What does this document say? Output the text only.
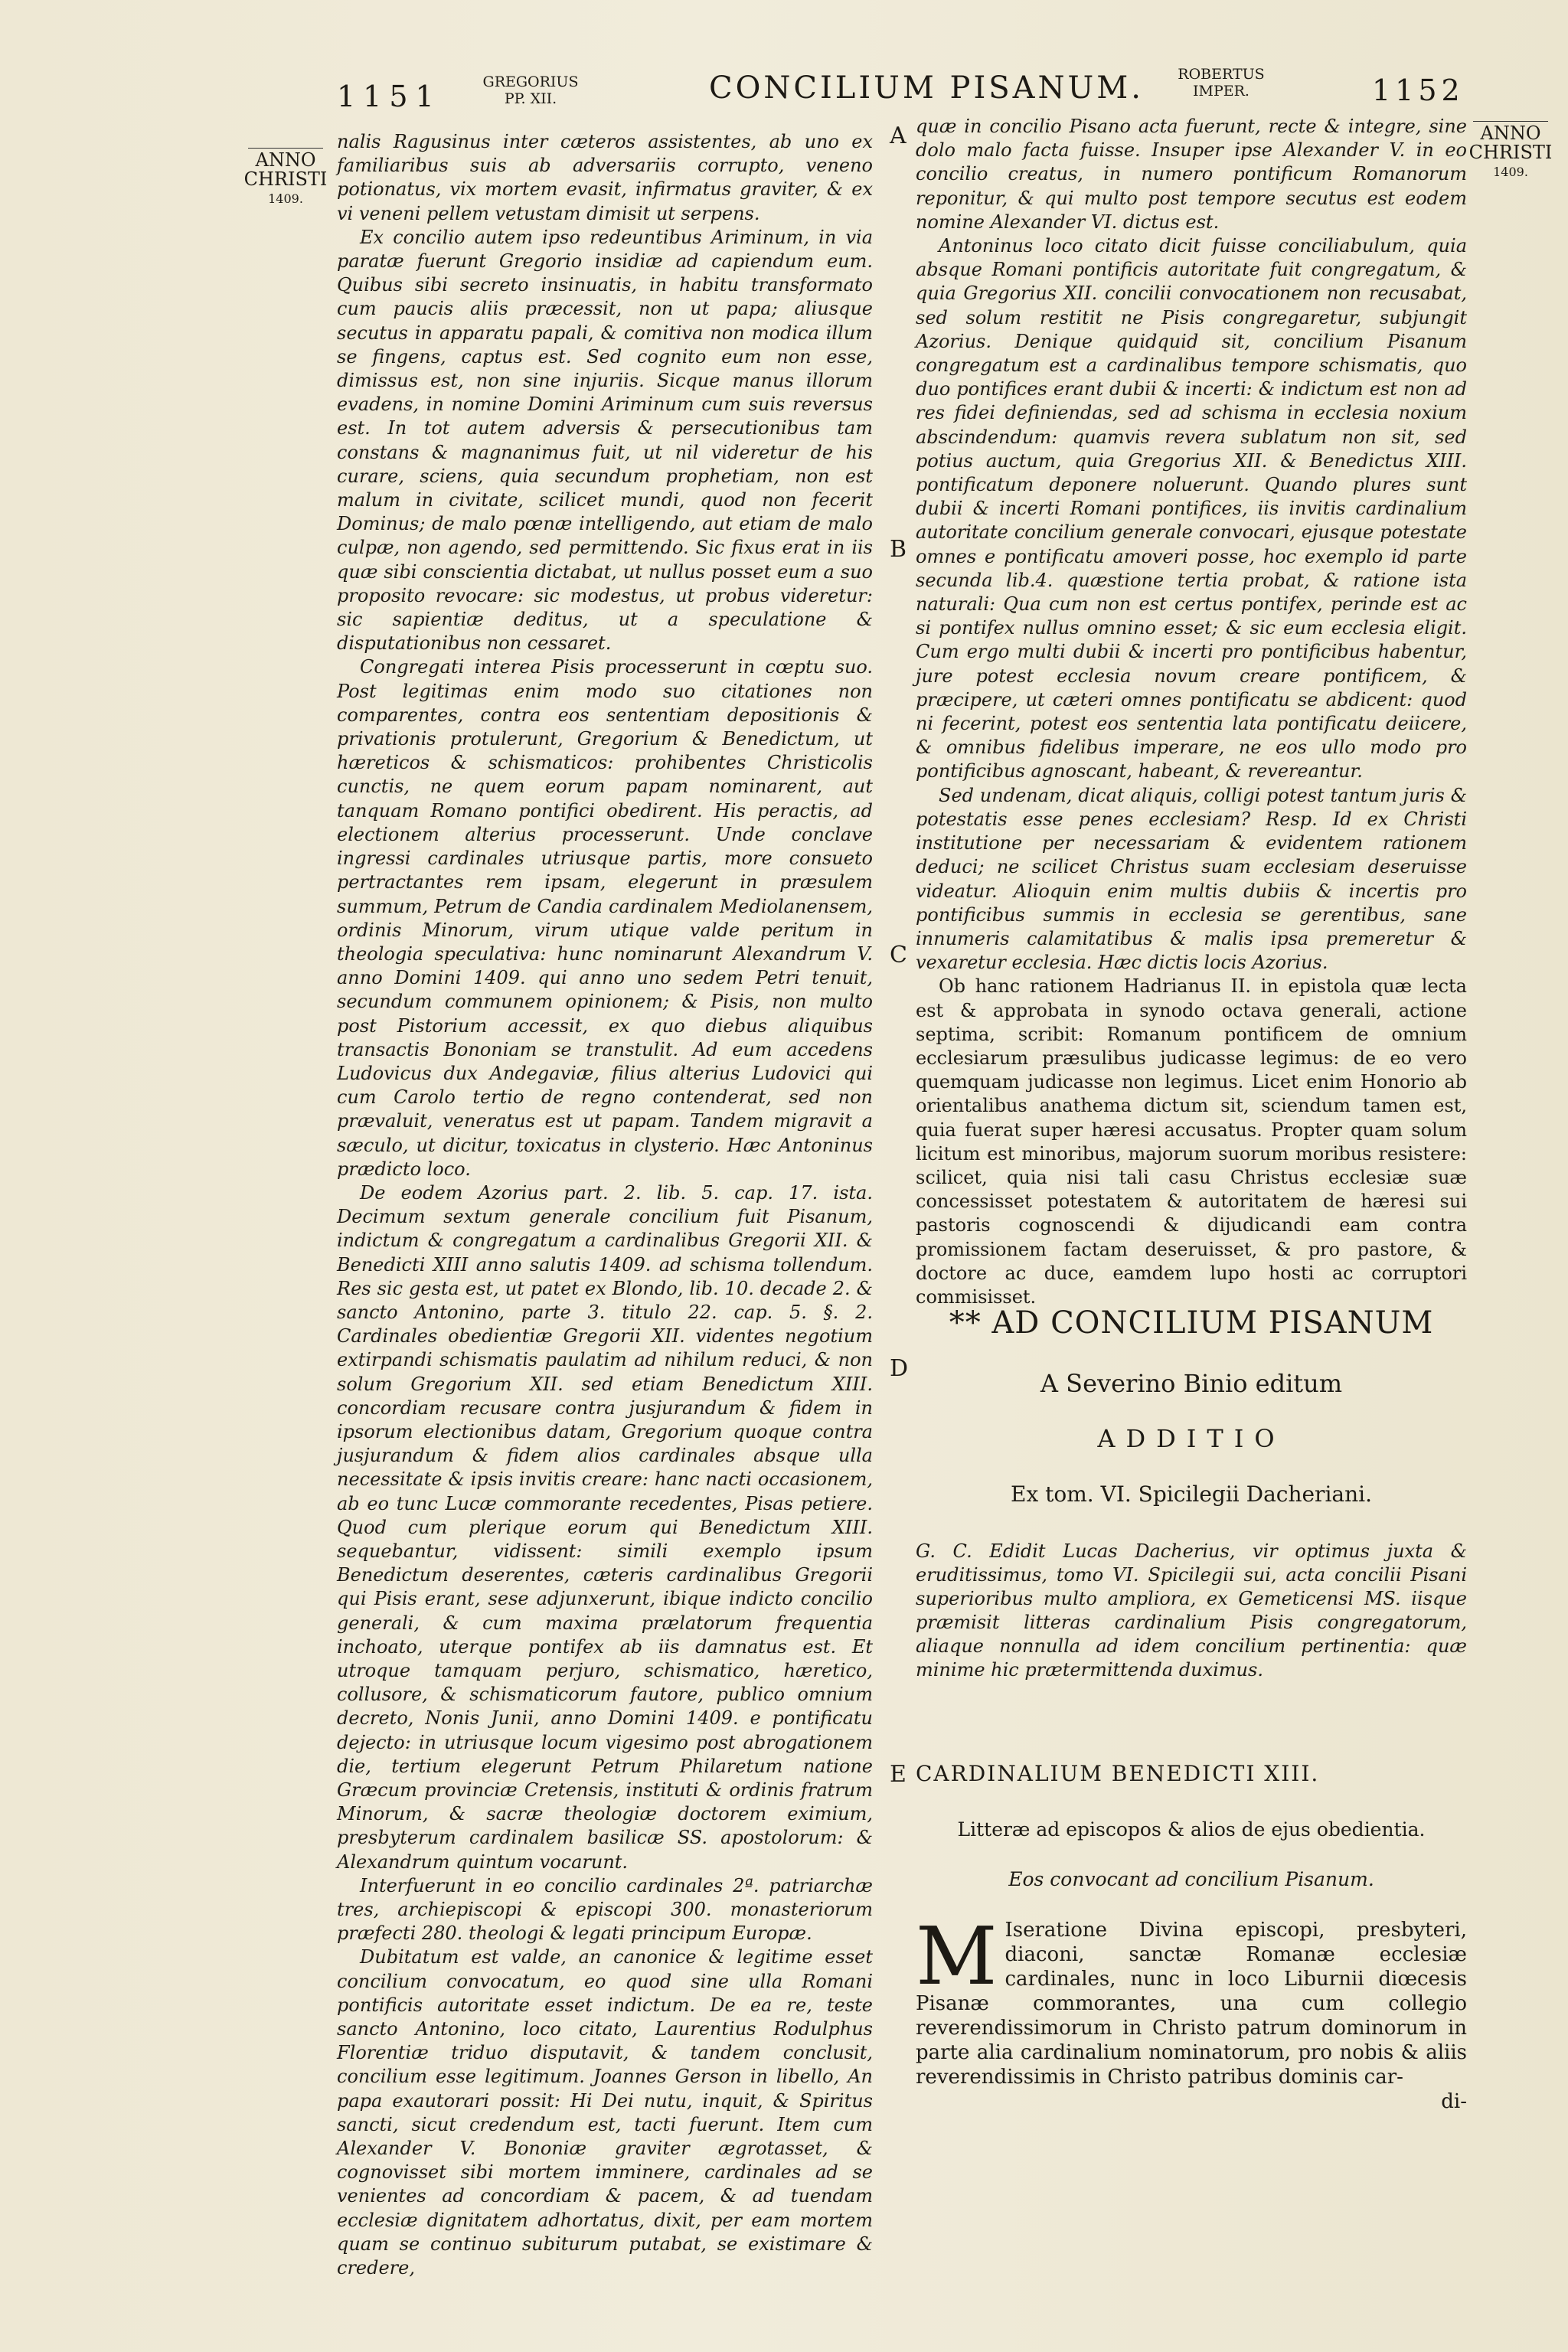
1151	GREGORIUS
PP. XII.	CONCILIUM PISANUM.	ROBERTUS
IMPER.	1152
ANNO
CHRISTI
1409.
ANNO
CHRISTI
1409.
A
B
C
D
E

nalis Ragusinus inter cæteros assistentes, ab uno ex familiaribus suis ab adversariis corrupto, veneno potionatus, vix mortem evasit, infirmatus graviter, & ex vi veneni pellem vetustam dimisit ut serpens.

Ex concilio autem ipso redeuntibus Ariminum, in via paratæ fuerunt Gregorio insidiæ ad capiendum eum. Quibus sibi secreto insinuatis, in habitu transformato cum paucis aliis præcessit, non ut papa; aliusque secutus in apparatu papali, & comitiva non modica illum se fingens, captus est. Sed cognito eum non esse, dimissus est, non sine injuriis. Sicque manus illorum evadens, in nomine Domini Ariminum cum suis reversus est. In tot autem adversis & persecutionibus tam constans & magnanimus fuit, ut nil videretur de his curare, sciens, quia secundum prophetiam, non est malum in civitate, scilicet mundi, quod non fecerit Dominus; de malo pœnæ intelligendo, aut etiam de malo culpæ, non agendo, sed permittendo. Sic fixus erat in iis quæ sibi conscientia dictabat, ut nullus posset eum a suo proposito revocare: sic modestus, ut probus videretur: sic sapientiæ deditus, ut a speculatione & disputationibus non cessaret.

Congregati interea Pisis processerunt in cœptu suo. Post legitimas enim modo suo citationes non comparentes, contra eos sententiam depositionis & privationis protulerunt, Gregorium & Benedictum, ut hæreticos & schismaticos: prohibentes Christicolis cunctis, ne quem eorum papam nominarent, aut tanquam Romano pontifici obedirent. His peractis, ad electionem alterius processerunt. Unde conclave ingressi cardinales utriusque partis, more consueto pertractantes rem ipsam, elegerunt in præsulem summum, Petrum de Candia cardinalem Mediolanensem, ordinis Minorum, virum utique valde peritum in theologia speculativa: hunc nominarunt Alexandrum V. anno Domini 1409. qui anno uno sedem Petri tenuit, secundum communem opinionem; & Pisis, non multo post Pistorium accessit, ex quo diebus aliquibus transactis Bononiam se transtulit. Ad eum accedens Ludovicus dux Andegaviæ, filius alterius Ludovici qui cum Carolo tertio de regno contenderat, sed non prævaluit, veneratus est ut papam. Tandem migravit a sæculo, ut dicitur, toxicatus in clysterio. Hæc Antoninus prædicto loco.

De eodem Azorius part. 2. lib. 5. cap. 17. ista. Decimum sextum generale concilium fuit Pisanum, indictum & congregatum a cardinalibus Gregorii XII. & Benedicti XIII anno salutis 1409. ad schisma tollendum. Res sic gesta est, ut patet ex Blondo, lib. 10. decade 2. & sancto Antonino, parte 3. titulo 22. cap. 5. §. 2. Cardinales obedientiæ Gregorii XII. videntes negotium extirpandi schismatis paulatim ad nihilum reduci, & non solum Gregorium XII. sed etiam Benedictum XIII. concordiam recusare contra jusjurandum & fidem in ipsorum electionibus datam, Gregorium quoque contra jusjurandum & fidem alios cardinales absque ulla necessitate & ipsis invitis creare: hanc nacti occasionem, ab eo tunc Lucæ commorante recedentes, Pisas petiere. Quod cum plerique eorum qui Benedictum XIII. sequebantur, vidissent: simili exemplo ipsum Benedictum deserentes, cæteris cardinalibus Gregorii qui Pisis erant, sese adjunxerunt, ibique indicto concilio generali, & cum maxima prælatorum frequentia inchoato, uterque pontifex ab iis damnatus est. Et utroque tamquam perjuro, schismatico, hæretico, collusore, & schismaticorum fautore, publico omnium decreto, Nonis Junii, anno Domini 1409. e pontificatu dejecto: in utriusque locum vigesimo post abrogationem die, tertium elegerunt Petrum Philaretum natione Græcum provinciæ Cretensis, instituti & ordinis fratrum Minorum, & sacræ theologiæ doctorem eximium, presbyterum cardinalem basilicæ SS. apostolorum: & Alexandrum quintum vocarunt.

Interfuerunt in eo concilio cardinales 2ª. patriarchæ tres, archiepiscopi & episcopi 300. monasteriorum præfecti 280. theologi & legati principum Europæ.

Dubitatum est valde, an canonice & legitime esset concilium convocatum, eo quod sine ulla Romani pontificis autoritate esset indictum. De ea re, teste sancto Antonino, loco citato, Laurentius Rodulphus Florentiæ triduo disputavit, & tandem conclusit, concilium esse legitimum. Joannes Gerson in libello, An papa exautorari possit: Hi Dei nutu, inquit, & Spiritus sancti, sicut credendum est, tacti fuerunt. Item cum Alexander V. Bononiæ graviter ægrotasset, & cognovisset sibi mortem imminere, cardinales ad se venientes ad concordiam & pacem, & ad tuendam ecclesiæ dignitatem adhortatus, dixit, per eam mortem quam se continuo subiturum putabat, se existimare & credere,

quæ in concilio Pisano acta fuerunt, recte & integre, sine dolo malo facta fuisse. Insuper ipse Alexander V. in eo concilio creatus, in numero pontificum Romanorum reponitur, & qui multo post tempore secutus est eodem nomine Alexander VI. dictus est.

Antoninus loco citato dicit fuisse conciliabulum, quia absque Romani pontificis autoritate fuit congregatum, & quia Gregorius XII. concilii convocationem non recusabat, sed solum restitit ne Pisis congregaretur, subjungit Azorius. Denique quidquid sit, concilium Pisanum congregatum est a cardinalibus tempore schismatis, quo duo pontifices erant dubii & incerti: & indictum est non ad res fidei definiendas, sed ad schisma in ecclesia noxium abscindendum: quamvis revera sublatum non sit, sed potius auctum, quia Gregorius XII. & Benedictus XIII. pontificatum deponere noluerunt. Quando plures sunt dubii & incerti Romani pontifices, iis invitis cardinalium autoritate concilium generale convocari, ejusque potestate omnes e pontificatu amoveri posse, hoc exemplo id parte secunda lib.4. quæstione tertia probat, & ratione ista naturali: Qua cum non est certus pontifex, perinde est ac si pontifex nullus omnino esset; & sic eum ecclesia eligit. Cum ergo multi dubii & incerti pro pontificibus habentur, jure potest ecclesia novum creare pontificem, & præcipere, ut cæteri omnes pontificatu se abdicent: quod ni fecerint, potest eos sententia lata pontificatu deiicere, & omnibus fidelibus imperare, ne eos ullo modo pro pontificibus agnoscant, habeant, & revereantur.

Sed undenam, dicat aliquis, colligi potest tantum juris & potestatis esse penes ecclesiam? Resp. Id ex Christi institutione per necessariam & evidentem rationem deduci; ne scilicet Christus suam ecclesiam deseruisse videatur. Alioquin enim multis dubiis & incertis pro pontificibus summis in ecclesia se gerentibus, sane innumeris calamitatibus & malis ipsa premeretur & vexaretur ecclesia. Hæc dictis locis Azorius.

Ob hanc rationem Hadrianus II. in epistola quæ lecta est & approbata in synodo octava generali, actione septima, scribit: Romanum pontificem de omnium ecclesiarum præsulibus judicasse legimus: de eo vero quemquam judicasse non legimus. Licet enim Honorio ab orientalibus anathema dictum sit, sciendum tamen est, quia fuerat super hæresi accusatus. Propter quam solum licitum est minoribus, majorum suorum moribus resistere: scilicet, quia nisi tali casu Christus ecclesiæ suæ concessisset potestatem & autoritatem de hæresi sui pastoris cognoscendi & dijudicandi eam contra promissionem factam deseruisset, & pro pastore, & doctore ac duce, eamdem lupo hosti ac corruptori commisisset.

** AD CONCILIUM PISANUM
A Severino Binio editum
ADDITIO
Ex tom. VI. Spicilegii Dacheriani.
G. C. Edidit Lucas Dacherius, vir optimus juxta & eruditissimus, tomo VI. Spicilegii sui, acta concilii Pisani superioribus multo ampliora, ex Gemeticensi MS. iisque præmisit litteras cardinalium Pisis congregatorum, aliaque nonnulla ad idem concilium pertinentia: quæ minime hic prætermittenda duximus.
CARDINALIUM BENEDICTI XIII.
Litteræ ad episcopos & alios de ejus obedientia.
Eos convocant ad concilium Pisanum.
M Iseratione Divina episcopi, presbyteri, diaconi, sanctæ Romanæ ecclesiæ cardinales, nunc in loco Liburnii diœcesis Pisanæ commorantes, una cum collegio reverendissimorum in Christo patrum dominorum in parte alia cardinalium nominatorum, pro nobis & aliis reverendissimis in Christo patribus dominis car-
di-
